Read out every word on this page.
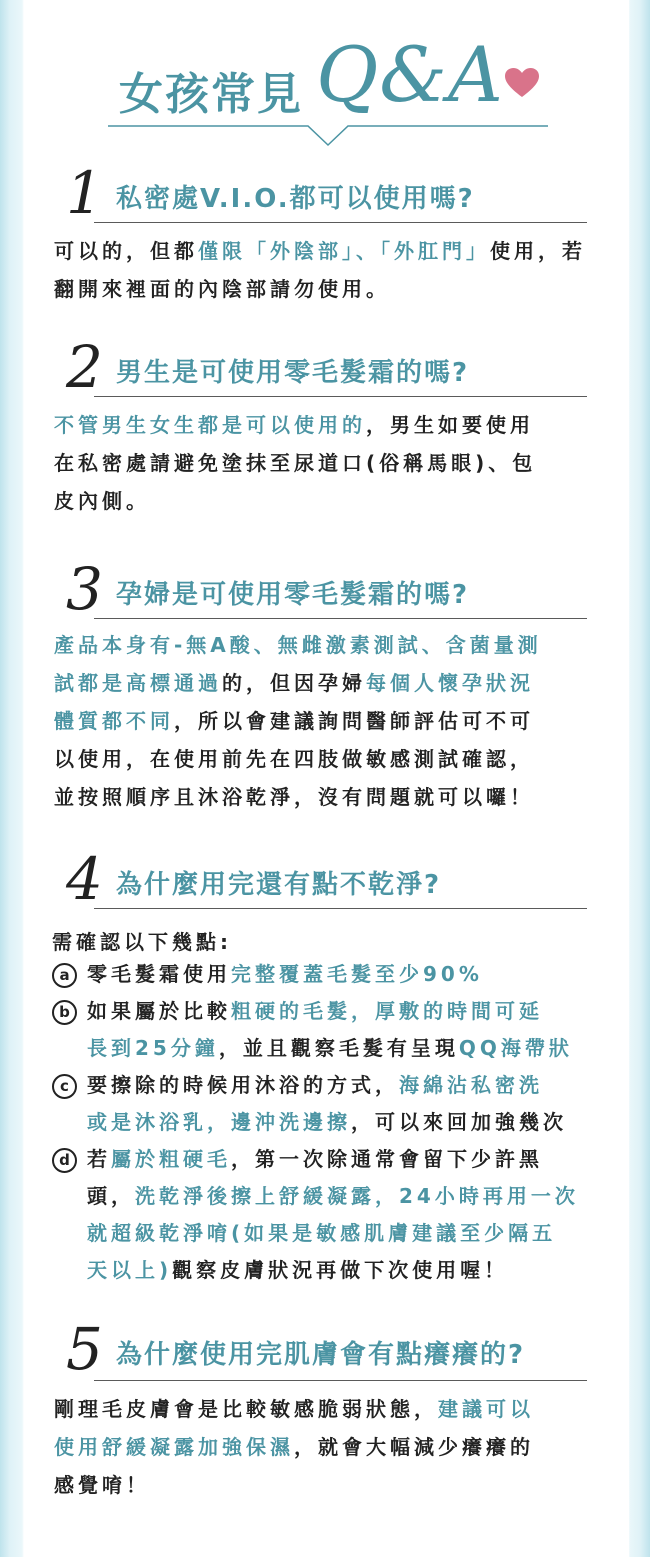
女孩常見 Q&A
1 私密處V.I.O.都可以使用嗎?
可以的，但都僅限「外陰部」、「外肛門」使用，若
翻開來裡面的內陰部請勿使用。
2 男生是可使用零毛髮霜的嗎?
不管男生女生都是可以使用的，男生如要使用
在私密處請避免塗抹至尿道口(俗稱馬眼)、包
皮內側。
3 孕婦是可使用零毛髮霜的嗎?
產品本身有-無A酸、無雌激素測試、含菌量測
試都是高標通過的，但因孕婦每個人懷孕狀況
體質都不同，所以會建議詢問醫師評估可不可
以使用，在使用前先在四肢做敏感測試確認，
並按照順序且沐浴乾淨，沒有問題就可以囉！
4 為什麼用完還有點不乾淨?
需確認以下幾點:
a 零毛髮霜使用完整覆蓋毛髮至少90%
b 如果屬於比較粗硬的毛髮，厚敷的時間可延
長到25分鐘，並且觀察毛髮有呈現QQ海帶狀
c 要擦除的時候用沐浴的方式，海綿沾私密洗
或是沐浴乳，邊沖洗邊擦，可以來回加強幾次
d 若屬於粗硬毛，第一次除通常會留下少許黑
頭，洗乾淨後擦上舒緩凝露，24小時再用一次
就超級乾淨唷(如果是敏感肌膚建議至少隔五
天以上)觀察皮膚狀況再做下次使用喔！
5 為什麼使用完肌膚會有點癢癢的?
剛理毛皮膚會是比較敏感脆弱狀態，建議可以
使用舒緩凝露加強保濕，就會大幅減少癢癢的
感覺唷！
